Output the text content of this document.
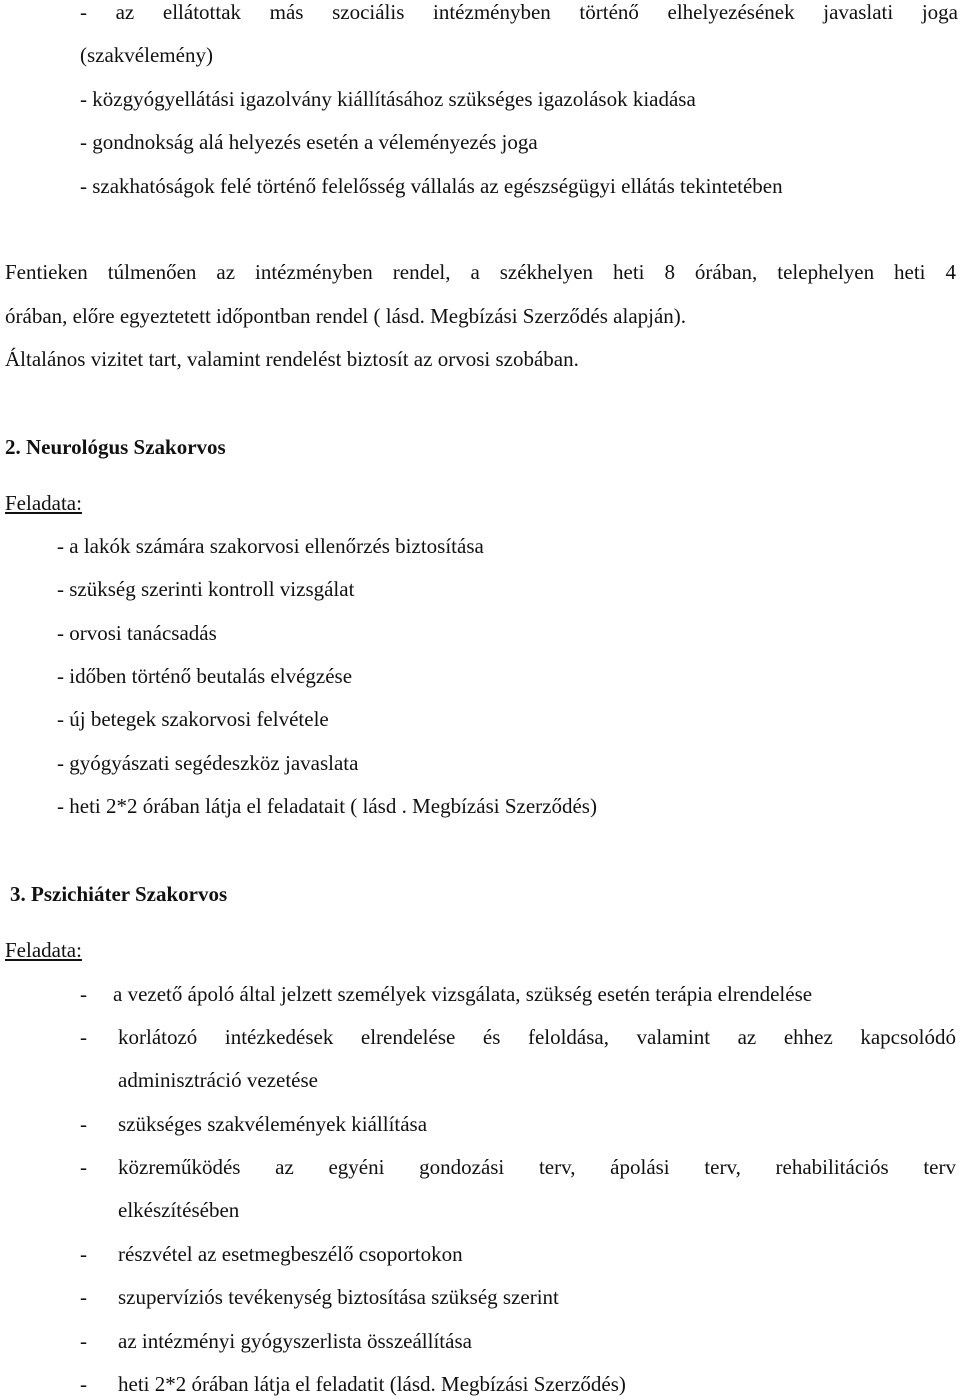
- az ellátottak más szociális intézményben történő elhelyezésének javaslati joga
(szakvélemény)
- közgyógyellátási igazolvány kiállításához szükséges igazolások kiadása
- gondnokság alá helyezés esetén a véleményezés joga
- szakhatóságok felé történő felelősség vállalás az egészségügyi ellátás tekintetében
Fentieken túlmenően az intézményben rendel, a székhelyen heti 8 órában, telephelyen heti 4
órában, előre egyeztetett időpontban rendel ( lásd. Megbízási Szerződés alapján).
Általános vizitet tart, valamint rendelést biztosít az orvosi szobában.
2. Neurológus Szakorvos
Feladata:
- a lakók számára szakorvosi ellenőrzés biztosítása
- szükség szerinti kontroll vizsgálat
- orvosi tanácsadás
- időben történő beutalás elvégzése
- új betegek szakorvosi felvétele
- gyógyászati segédeszköz javaslata
- heti 2*2 órában látja el feladatait ( lásd . Megbízási Szerződés)
3. Pszichiáter Szakorvos
Feladata:
- a vezető ápoló által jelzett személyek vizsgálata, szükség esetén terápia elrendelése
- korlátozó intézkedések elrendelése és feloldása, valamint az ehhez kapcsolódó
adminisztráció vezetése
- szükséges szakvélemények kiállítása
- közreműködés az egyéni gondozási terv, ápolási terv, rehabilitációs terv
elkészítésében
- részvétel az esetmegbeszélő csoportokon
- szupervíziós tevékenység biztosítása szükség szerint
- az intézményi gyógyszerlista összeállítása
- heti 2*2 órában látja el feladatit (lásd. Megbízási Szerződés)
